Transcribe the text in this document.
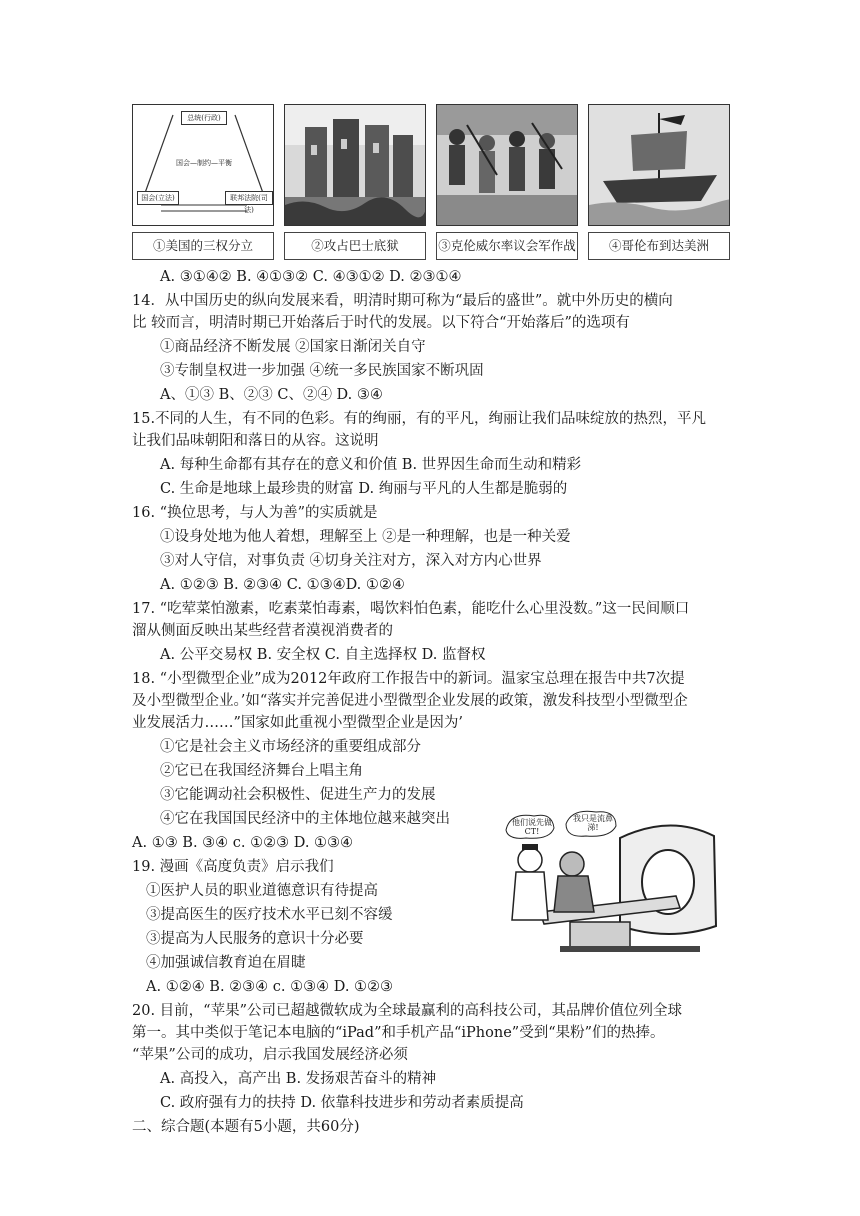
总统(行政)
国会—制约—平衡
国会(立法)	联邦法院(司法)
①美国的三权分立	②攻占巴士底狱	③克伦威尔率议会军作战	④哥伦布到达美洲
A. ③①④② B. ④①③② C. ④③①② D. ②③①④
14．从中国历史的纵向发展来看，明清时期可称为“最后的盛世”。就中外历史的横向
比 较而言，明清时期已开始落后于时代的发展。以下符合“开始落后”的选项有
①商品经济不断发展 ②国家日渐闭关自守
③专制皇权进一步加强 ④统一多民族国家不断巩固
A、①③ B、②③ C、②④ D. ③④
15.不同的人生，有不同的色彩。有的绚丽，有的平凡，绚丽让我们品味绽放的热烈，平凡
让我们品味朝阳和落日的从容。这说明
A. 每种生命都有其存在的意义和价值 B. 世界因生命而生动和精彩
C. 生命是地球上最珍贵的财富 D. 绚丽与平凡的人生都是脆弱的
16. “换位思考，与人为善”的实质就是
①设身处地为他人着想，理解至上 ②是一种理解，也是一种关爱
③对人守信，对事负责 ④切身关注对方，深入对方内心世界
A. ①②③ B. ②③④ C. ①③④D. ①②④
17. “吃荤菜怕激素，吃素菜怕毒素，喝饮料怕色素，能吃什么心里没数。”这一民间顺口
溜从侧面反映出某些经营者漠视消费者的
A. 公平交易权 B. 安全权 C. 自主选择权 D. 监督权
18. “小型微型企业”成为2012年政府工作报告中的新词。温家宝总理在报告中共7次提
及小型微型企业。’如“落实并完善促进小型微型企业发展的政策，激发科技型小型微型企
业发展活力……”国家如此重视小型微型企业是因为’
①它是社会主义市场经济的重要组成部分
②它已在我国经济舞台上唱主角
③它能调动社会积极性、促进生产力的发展
④它在我国国民经济中的主体地位越来越突出
A. ①③ B. ③④ c. ①②③ D. ①③④
19. 漫画《高度负责》启示我们
①医护人员的职业道德意识有待提高
③提高医生的医疗技术水平已刻不容缓
③提高为人民服务的意识十分必要
④加强诚信教育迫在眉睫
A. ①②④ B. ②③④ c. ①③④ D. ①②③
20. 目前，“苹果”公司已超越微软成为全球最赢利的高科技公司，其品牌价值位列全球
第一。其中类似于笔记本电脑的“iPad”和手机产品“iPhone”受到“果粉”们的热捧。
“苹果”公司的成功，启示我国发展经济必须
A. 高投入，高产出 B. 发扬艰苦奋斗的精神
C. 政府强有力的扶持 D. 依靠科技进步和劳动者素质提高
二、综合题(本题有5小题，共60分)
他们说先做CT!
我只是流鼻涕!
